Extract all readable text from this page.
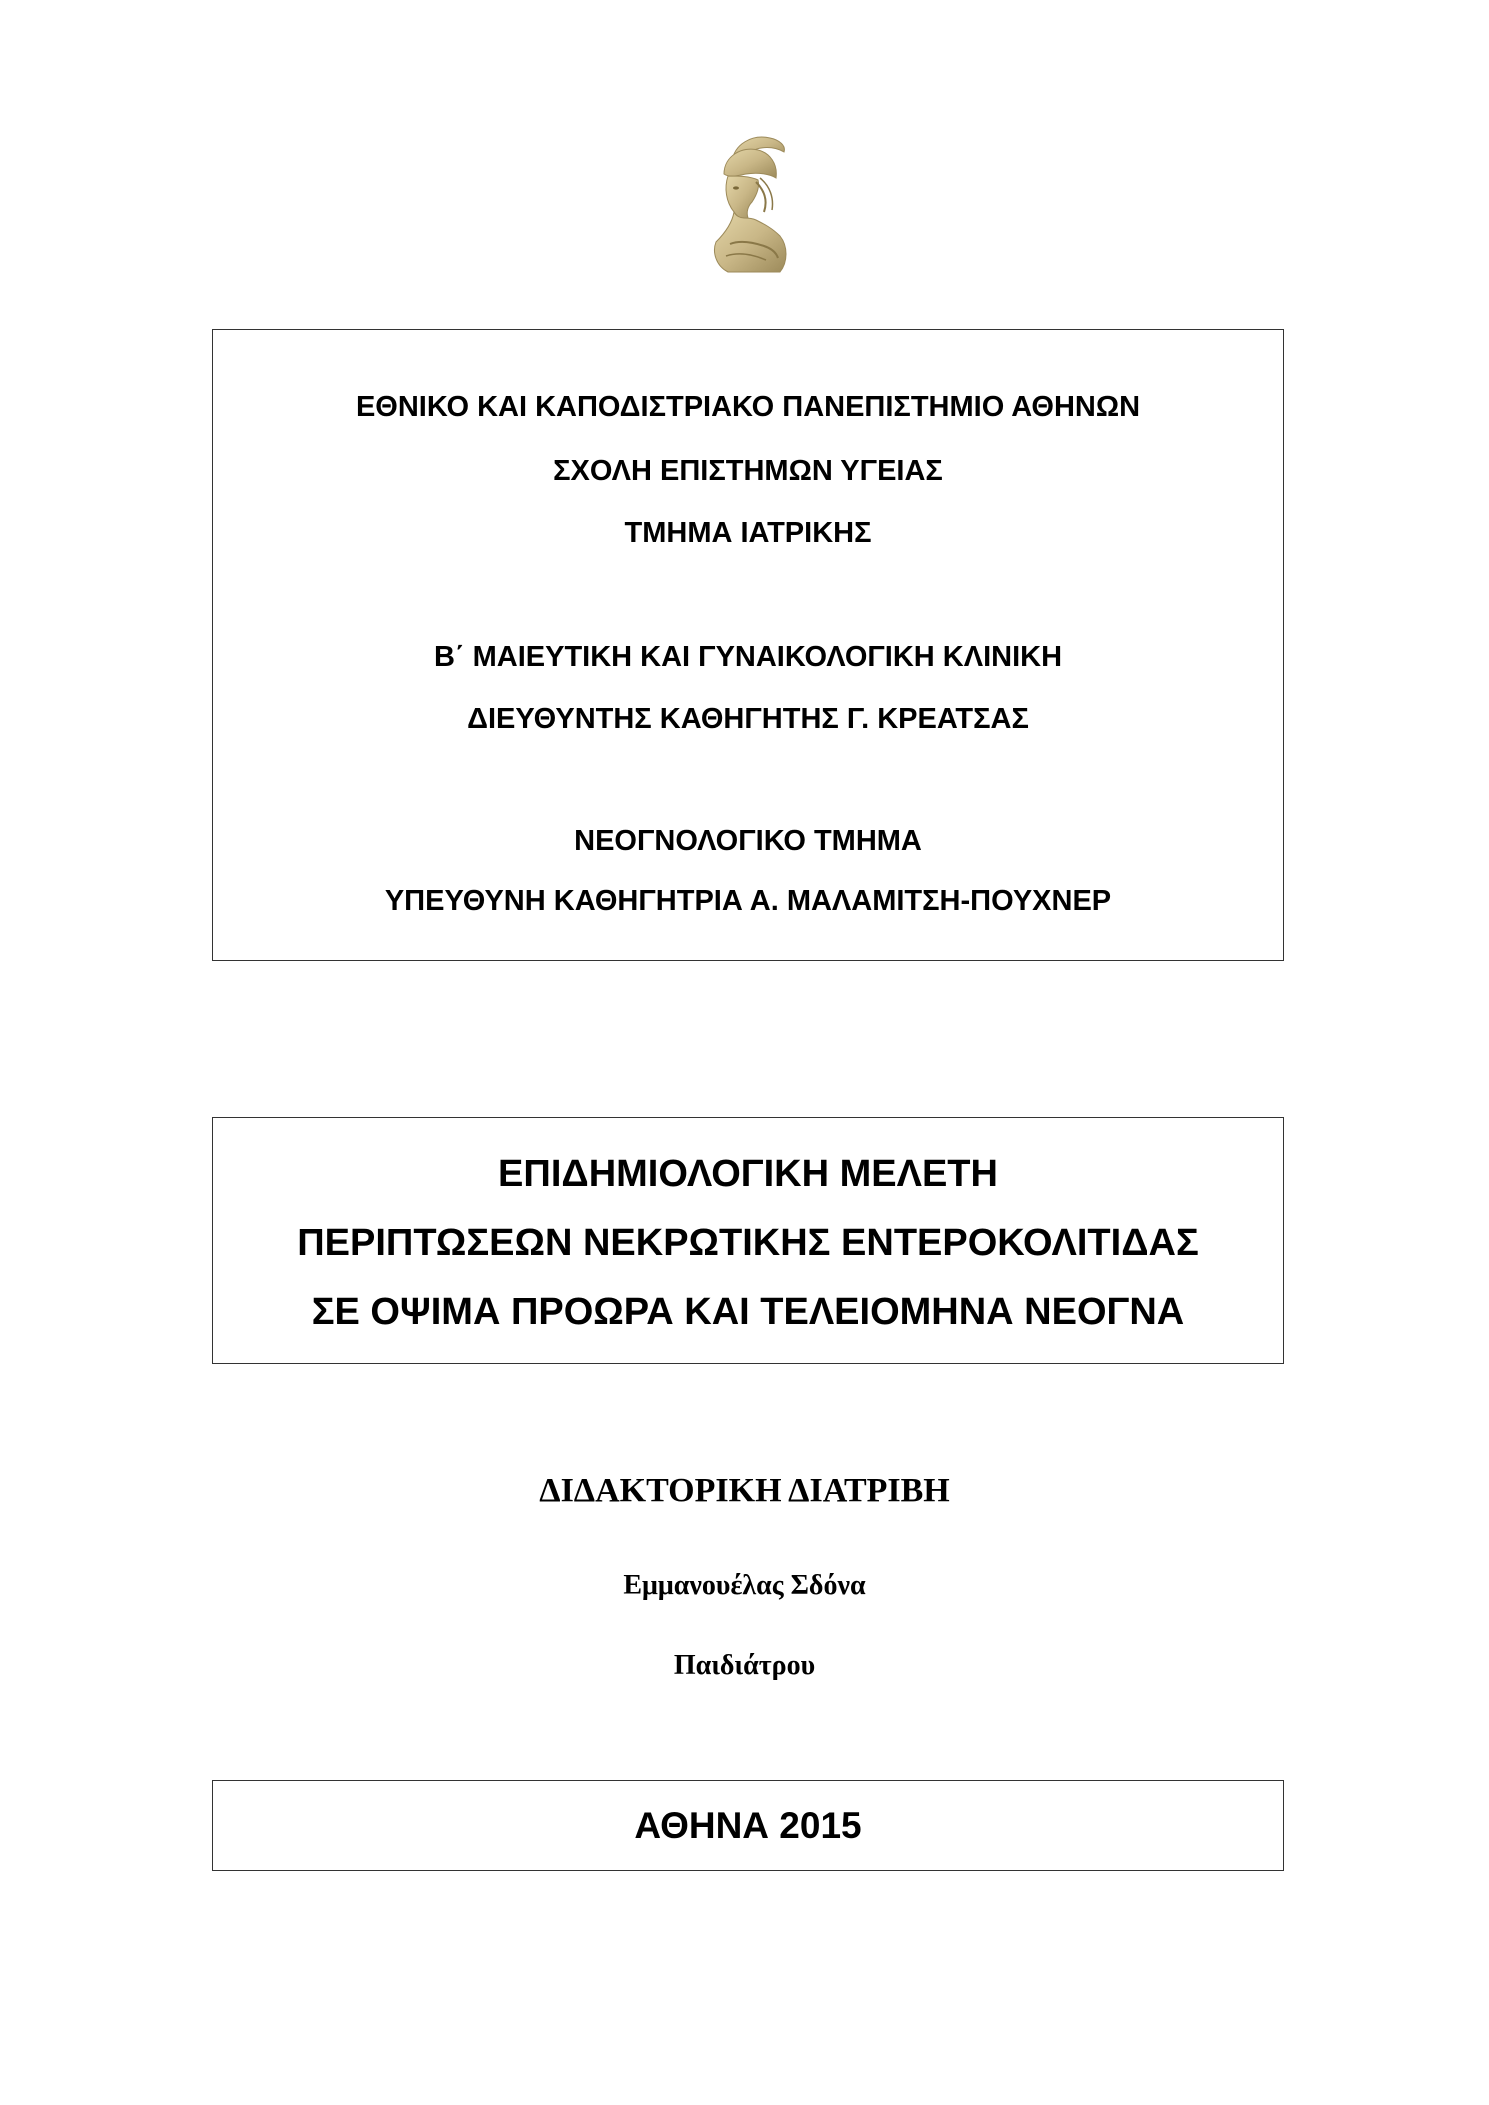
ΕΘΝΙΚΟ ΚΑΙ ΚΑΠΟΔΙΣΤΡΙΑΚΟ ΠΑΝΕΠΙΣΤΗΜΙΟ ΑΘΗΝΩΝ
ΣΧΟΛΗ ΕΠΙΣΤΗΜΩΝ ΥΓΕΙΑΣ
ΤΜΗΜΑ ΙΑΤΡΙΚΗΣ
Β΄ ΜΑΙΕΥΤΙΚΗ ΚΑΙ ΓΥΝΑΙΚΟΛΟΓΙΚΗ ΚΛΙΝΙΚΗ
ΔΙΕΥΘΥΝΤΗΣ ΚΑΘΗΓΗΤΗΣ Γ. ΚΡΕΑΤΣΑΣ
ΝΕΟΓΝΟΛΟΓΙΚΟ ΤΜΗΜΑ
ΥΠΕΥΘΥΝΗ ΚΑΘΗΓΗΤΡΙΑ Α. ΜΑΛΑΜΙΤΣΗ-ΠΟΥΧΝΕΡ
ΕΠΙΔΗΜΙΟΛΟΓΙΚΗ ΜΕΛΕΤΗ
ΠΕΡΙΠΤΩΣΕΩΝ ΝΕΚΡΩΤΙΚΗΣ ΕΝΤΕΡΟΚΟΛΙΤΙΔΑΣ
ΣΕ ΟΨΙΜΑ ΠΡΟΩΡΑ ΚΑΙ ΤΕΛΕΙΟΜΗΝΑ ΝΕΟΓΝΑ
ΔΙΔΑΚΤΟΡΙΚΗ ΔΙΑΤΡΙΒΗ
Εμμανουέλας Σδόνα
Παιδιάτρου
ΑΘΗΝΑ 2015
